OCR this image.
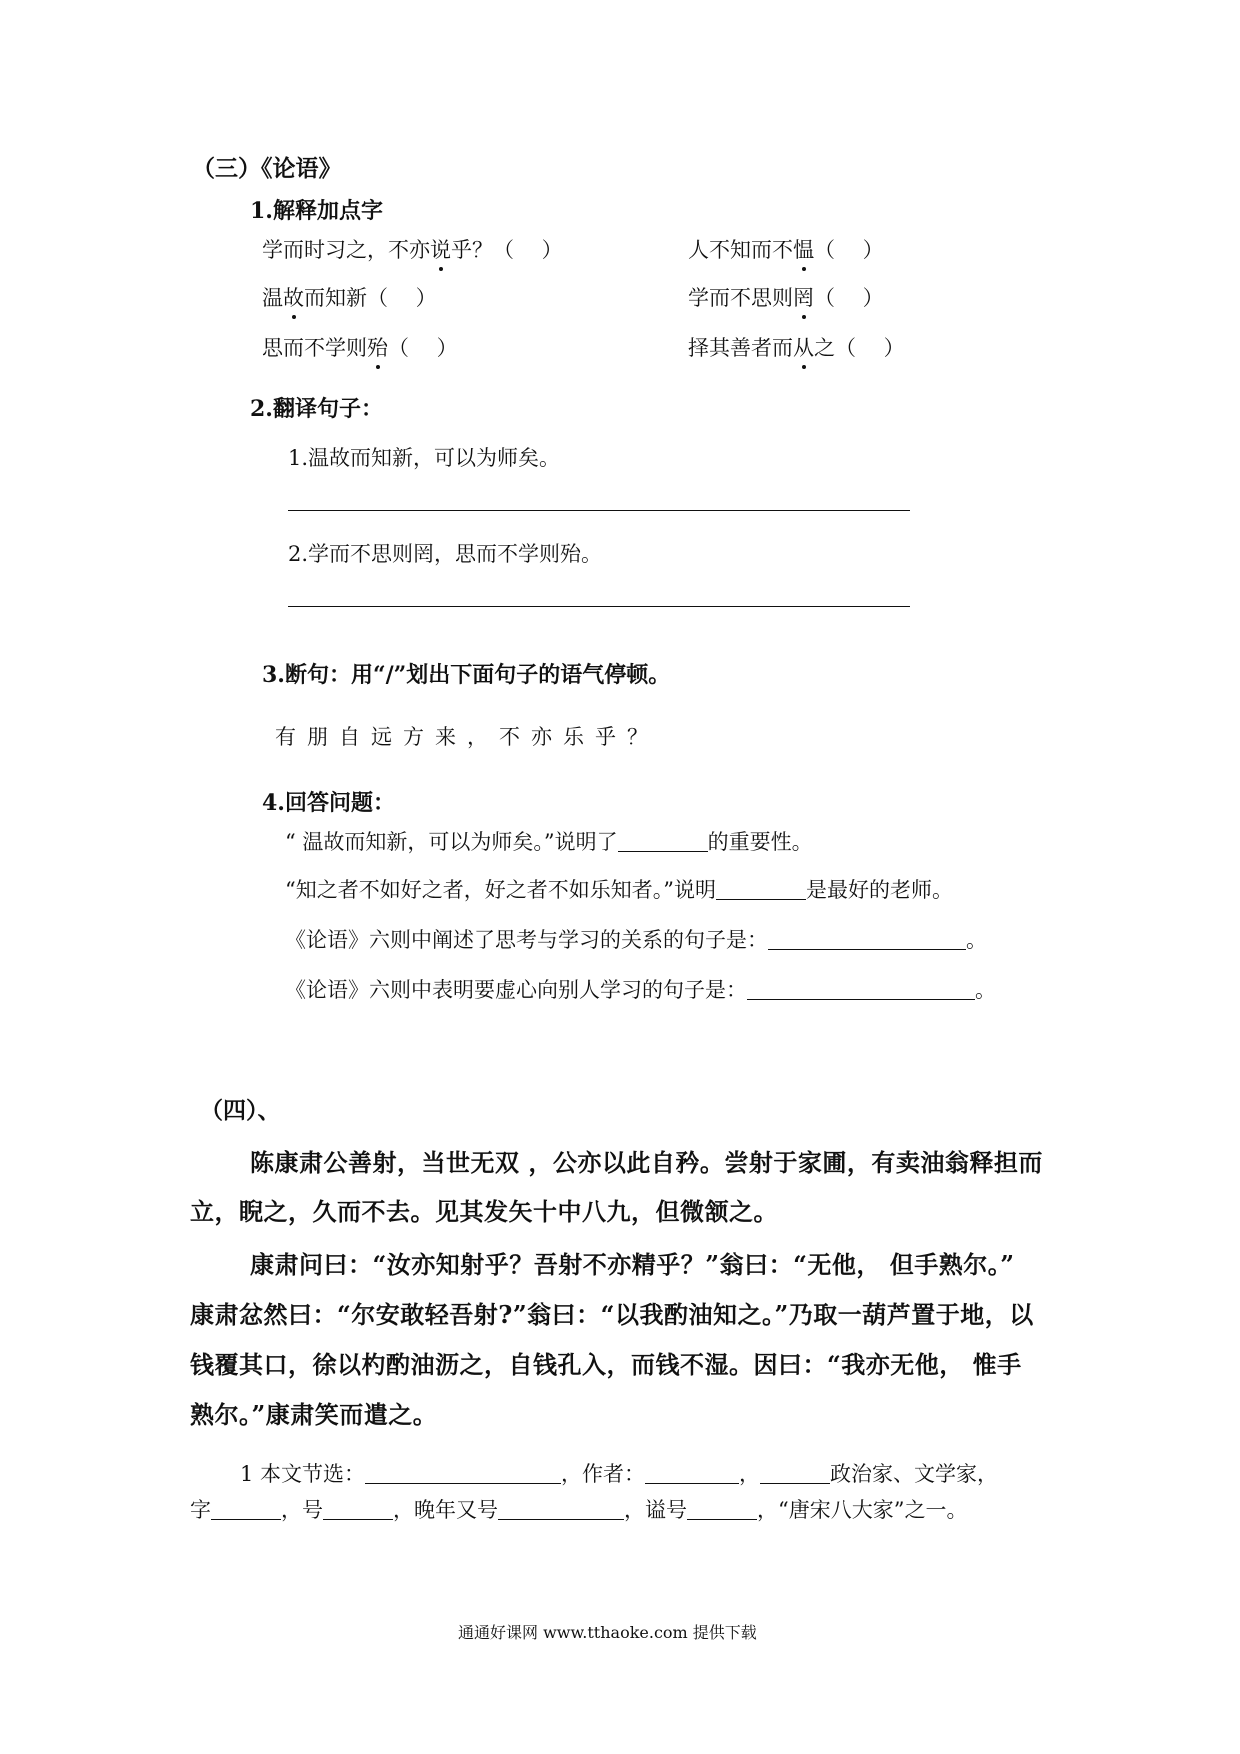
（三）《论语》
1.解释加点字
学而时习之，不亦说乎？（　 ）	人不知而不愠（　 ）
温故而知新（　 ）	学而不思则罔（　 ）
思而不学则殆（　 ）	择其善者而从之（　 ）
2.翻译句子：
1.温故而知新，可以为师矣。
2.学而不思则罔，思而不学则殆。
3.断句：用“/”划出下面句子的语气停顿。
有朋自远方来，不亦乐乎？
4.回答问题：
“ 温故而知新，可以为师矣。”说明了	的重要性。
“知之者不如好之者，好之者不如乐知者。”说明	是最好的老师。
《论语》六则中阐述了思考与学习的关系的句子是：	。
《论语》六则中表明要虚心向别人学习的句子是：	。
（四）、
陈康肃公善射，当世无双 ，公亦以此自矜。尝射于家圃，有卖油翁释担而
立，睨之，久而不去。见其发矢十中八九，但微颔之。
康肃问曰：“汝亦知射乎？吾射不亦精乎？”翁曰：“无他， 但手熟尔。”
康肃忿然曰：“尔安敢轻吾射?”翁曰：“以我酌油知之。”乃取一葫芦置于地，以
钱覆其口，徐以杓酌油沥之，自钱孔入，而钱不湿。因曰：“我亦无他， 惟手
熟尔。”康肃笑而遣之。
1 本文节选：	，作者：	，	政治家、文学家，
字	，号	，晚年又号	，谥号	，“唐宋八大家”之一。
通通好课网 www.tthaoke.com 提供下载
